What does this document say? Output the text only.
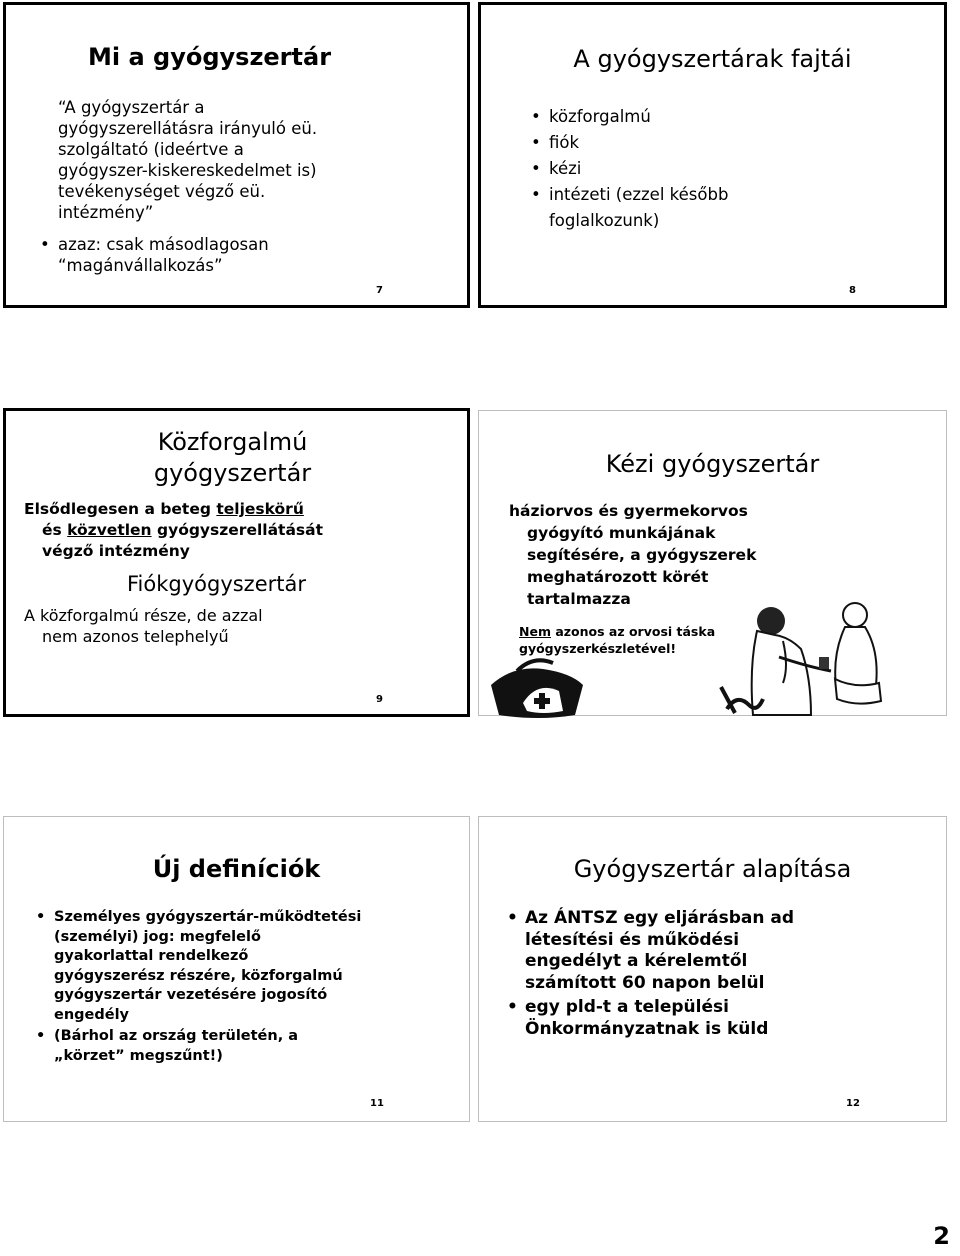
Mi a gyógyszertár
“A gyógyszertár a
gyógyszerellátásra irányuló eü.
szolgáltató (ideértve a
gyógyszer-kiskereskedelmet is)
tevékenységet végző eü.
intézmény”
• azaz: csak másodlagosan
“magánvállalkozás”
7
A gyógyszertárak fajtái
• közforgalmú
• fiók
• kézi
• intézeti (ezzel később
foglalkozunk)
8
Közforgalmú
gyógyszertár
Elsődlegesen a beteg teljeskörű
és közvetlen gyógyszerellátását
végző intézmény
Fiókgyógyszertár
A közforgalmú része, de azzal
nem azonos telephelyű
9
Kézi gyógyszertár
háziorvos és gyermekorvos
gyógyító munkájának
segítésére, a gyógyszerek
meghatározott körét
tartalmazza
Nem azonos az orvosi táska
gyógyszerkészletével!
Új definíciók
• Személyes gyógyszertár-működtetési
(személyi) jog: megfelelő
gyakorlattal rendelkező
gyógyszerész részére, közforgalmú
gyógyszertár vezetésére jogosító
engedély
• (Bárhol az ország területén, a
„körzet” megszűnt!)
11
Gyógyszertár alapítása
• Az ÁNTSZ egy eljárásban ad
létesítési és működési
engedélyt a kérelemtől
számított 60 napon belül
• egy pld-t a települési
Önkormányzatnak is küld
12
2
